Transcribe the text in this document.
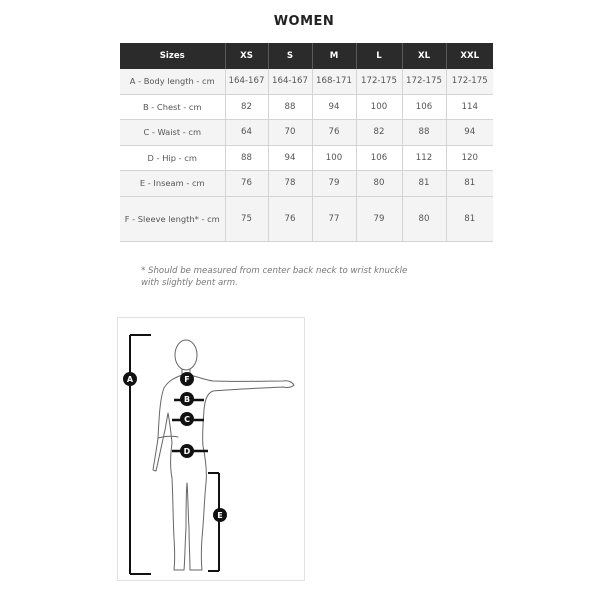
WOMEN
Sizes	XS	S	M	L	XL	XXL
A - Body length - cm	164-167	164-167	168-171	172-175	172-175	172-175
B - Chest - cm	82	88	94	100	106	114
C - Waist - cm	64	70	76	82	88	94
D - Hip - cm	88	94	100	106	112	120
E - Inseam - cm	76	78	79	80	81	81
F - Sleeve length* - cm	75	76	77	79	80	81
* Should be measured from center back neck to wrist knuckle
with slightly bent arm.
A
E
B
C
D
F
